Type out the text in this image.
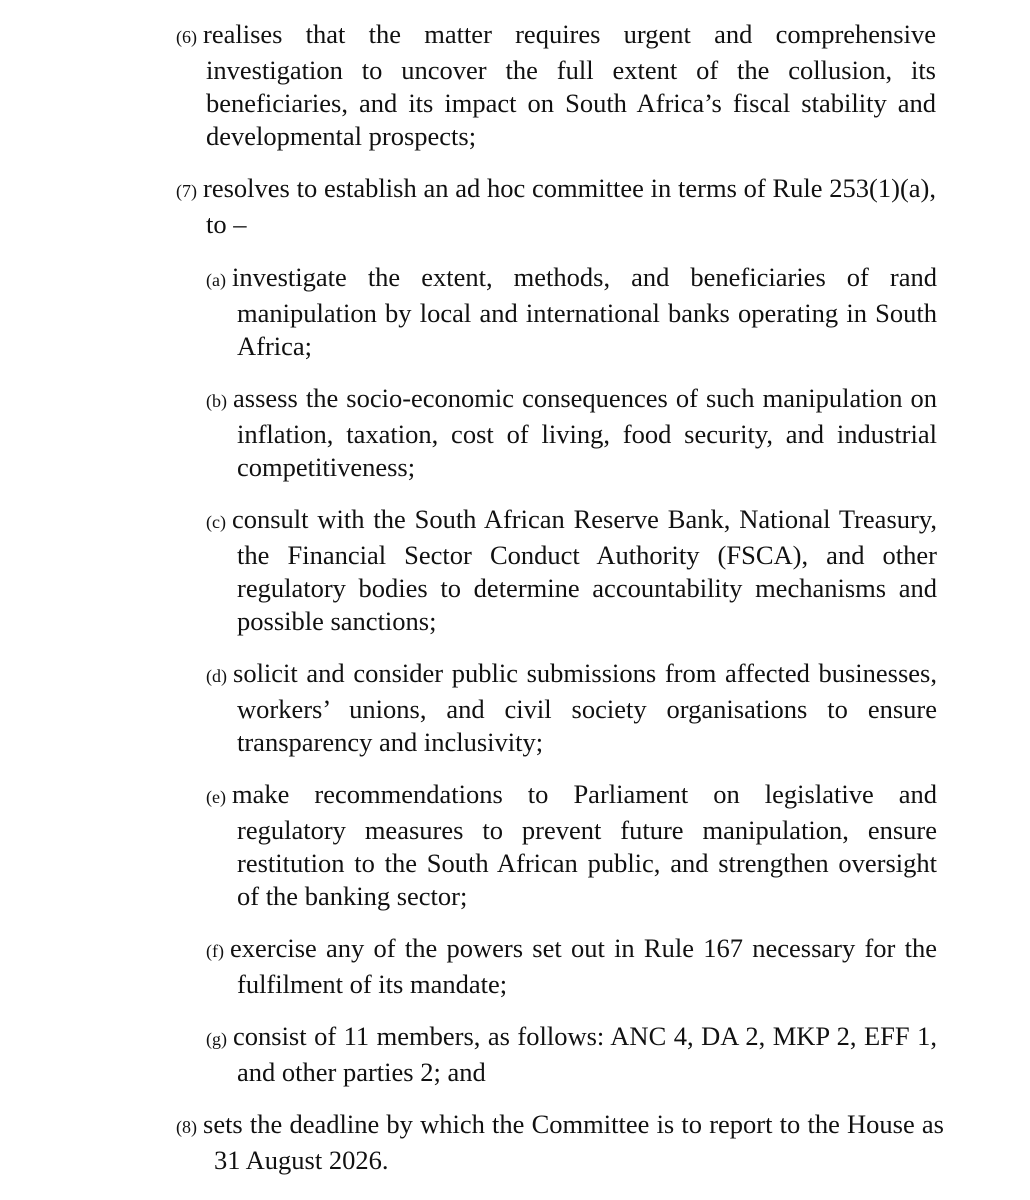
(6) realises that the matter requires urgent and comprehensive investigation to uncover the full extent of the collusion, its beneficiaries, and its impact on South Africa’s fiscal stability and developmental prospects;
(7) resolves to establish an ad hoc committee in terms of Rule 253(1)(a), to –
(a) investigate the extent, methods, and beneficiaries of rand manipulation by local and international banks operating in South Africa;
(b) assess the socio-economic consequences of such manipulation on inflation, taxation, cost of living, food security, and industrial competitiveness;
(c) consult with the South African Reserve Bank, National Treasury, the Financial Sector Conduct Authority (FSCA), and other regulatory bodies to determine accountability mechanisms and possible sanctions;
(d) solicit and consider public submissions from affected businesses, workers’ unions, and civil society organisations to ensure transparency and inclusivity;
(e) make recommendations to Parliament on legislative and regulatory measures to prevent future manipulation, ensure restitution to the South African public, and strengthen oversight of the banking sector;
(f) exercise any of the powers set out in Rule 167 necessary for the fulfilment of its mandate;
(g) consist of 11 members, as follows: ANC 4, DA 2, MKP 2, EFF 1, and other parties 2; and
(8) sets the deadline by which the Committee is to report to the House as 31 August 2026.
